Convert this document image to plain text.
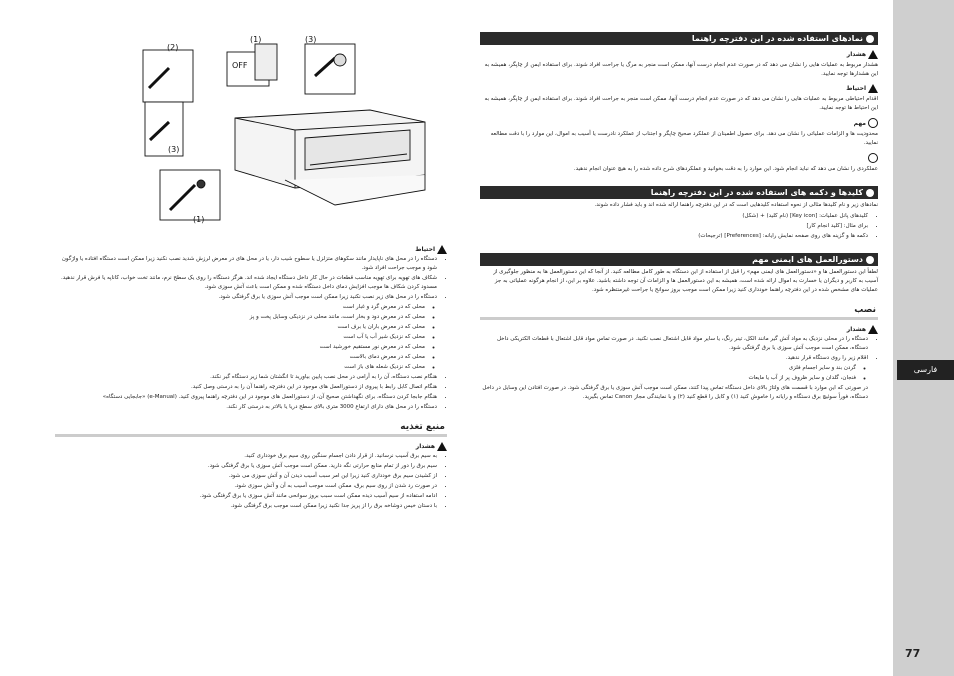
فارسی
77
(2)
(1)	(3)
(3)
(1)
OFF
نمادهای استفاده شده در این دفترچه راهنما
هشدار
هشدار مربوط به عملیات هایی را نشان می دهد که در صورت عدم انجام درست آنها، ممکن است منجر به مرگ یا جراحت افراد شوند. برای استفاده ایمن از چاپگر، همیشه به این هشدارها توجه نمایید.
احتیاط
اقدام احتیاطی مربوط به عملیات هایی را نشان می دهد که در صورت عدم انجام درست آنها، ممکن است منجر به جراحت افراد شوند. برای استفاده ایمن از چاپگر، همیشه به این احتیاط ها توجه نمایید.
مهم
محدودیت ها و الزامات عملیاتی را نشان می دهد. برای حصول اطمینان از عملکرد صحیح چاپگر و اجتناب از عملکرد نادرست یا آسیب به اموال، این موارد را با دقت مطالعه نمایید.
عملکردی را نشان می دهد که نباید انجام شود. این موارد را به دقت بخوانید و عملکردهای شرح داده شده را به هیچ عنوان انجام ندهید.
کلیدها و دکمه های استفاده شده در این دفترچه راهنما
نمادهای زیر و نام کلیدها مثالی از نحوه استفاده کلیدهایی است که در این دفترچه راهنما ارائه شده اند و باید فشار داده شوند.
• کلیدهای پانل عملیات: [Key icon] (نام کلید) + (شکل)
• برای مثال: [کلید انجام کار]
• دکمه ها و گزینه های روی صفحه نمایش رایانه: [Preferences] (ترجیحات)
دستورالعمل های ایمنی مهم
لطفاً این دستورالعمل ها و «دستورالعمل های ایمنی مهم» را قبل از استفاده از این دستگاه به طور کامل مطالعه کنید. از آنجا که این دستورالعمل ها به منظور جلوگیری از آسیب به کاربر و دیگران یا خسارت به اموال ارائه شده است، همیشه به این دستورالعمل ها و الزامات آن توجه داشته باشید. علاوه بر این، از انجام هرگونه عملیاتی به جز عملیات های مشخص شده در این دفترچه راهنما خودداری کنید زیرا ممکن است موجب بروز سوانح یا جراحت غیرمنتظره شود.
نصب
هشدار
• دستگاه را در محلی نزدیک به مواد آتش گیر مانند الکل، تینر رنگ، یا سایر مواد قابل اشتعال نصب نکنید. در صورت تماس مواد قابل اشتعال با قطعات الکتریکی داخل دستگاه، ممکن است موجب آتش سوزی یا برق گرفتگی شود.
• اقلام زیر را روی دستگاه قرار ندهید.
◦ گردن بند و سایر اجسام فلزی
◦ فنجان، گلدان و سایر ظروف پر از آب یا مایعات
در صورتی که این موارد با قسمت های ولتاژ بالای داخل دستگاه تماس پیدا کنند، ممکن است موجب آتش سوزی یا برق گرفتگی شود. در صورت افتادن این وسایل در داخل دستگاه، فوراً سوئیچ برق دستگاه و رایانه را خاموش کنید (۱) و کابل را قطع کنید (۲) و با نمایندگی مجاز Canon تماس بگیرید.
احتیاط
• دستگاه را در محل های ناپایدار مانند سکوهای متزلزل یا سطوح شیب دار، یا در محل های در معرض لرزش شدید نصب نکنید زیرا ممکن است دستگاه افتاده یا واژگون شود و موجب جراحت افراد شود.
• شکاف های تهویه برای تهویه مناسب قطعات در حال کار داخل دستگاه ایجاد شده اند. هرگز دستگاه را روی یک سطح نرم، مانند تخت خواب، کاناپه یا فرش قرار ندهید. مسدود کردن شکاف ها موجب افزایش دمای داخل دستگاه شده و ممکن است باعث آتش سوزی شود.
• دستگاه را در محل های زیر نصب نکنید زیرا ممکن است موجب آتش سوزی یا برق گرفتگی شود.
◦ محلی که در معرض گرد و غبار است
◦ محلی که در معرض دود و بخار است، مانند محلی در نزدیکی وسایل پخت و پز
◦ محلی که در معرض باران یا برف است
◦ محلی که نزدیک شیر آب یا آب است
◦ محلی که در معرض نور مستقیم خورشید است
◦ محلی که در معرض دمای بالاست
◦ محلی که نزدیک شعله های باز است
• هنگام نصب دستگاه، آن را به آرامی در محل نصب پایین بیاورید تا انگشتان شما زیر دستگاه گیر نکند.
• هنگام اتصال کابل رابط با پیروی از دستورالعمل های موجود در این دفترچه راهنما آن را به درستی وصل کنید.
• هنگام جابجا کردن دستگاه، برای نگهداشتن صحیح آن، از دستورالعمل های موجود در این دفترچه راهنما پیروی کنید. (e-Manual) «جابجایی دستگاه»
• دستگاه را در محل های دارای ارتفاع 3000 متری بالای سطح دریا یا بالاتر به درستی کار نکند.
منبع تغذیه
هشدار
• به سیم برق آسیب نرسانید. از قرار دادن اجسام سنگین روی سیم برق خودداری کنید.
• سیم برق را دور از تمام منابع حرارتی نگه دارید. ممکن است موجب آتش سوزی یا برق گرفتگی شود.
• از کشیدن سیم برق خودداری کنید زیرا این امر سبب آسیب دیدن آن و آتش سوزی می شود.
• در صورت رد شدن از روی سیم برق، ممکن است موجب آسیب به آن و آتش سوزی شود.
• ادامه استفاده از سیم آسیب دیده ممکن است سبب بروز سوانحی مانند آتش سوزی یا برق گرفتگی شود.
• با دستان خیس دوشاخه برق را از پریز جدا نکنید زیرا ممکن است موجب برق گرفتگی شود.
